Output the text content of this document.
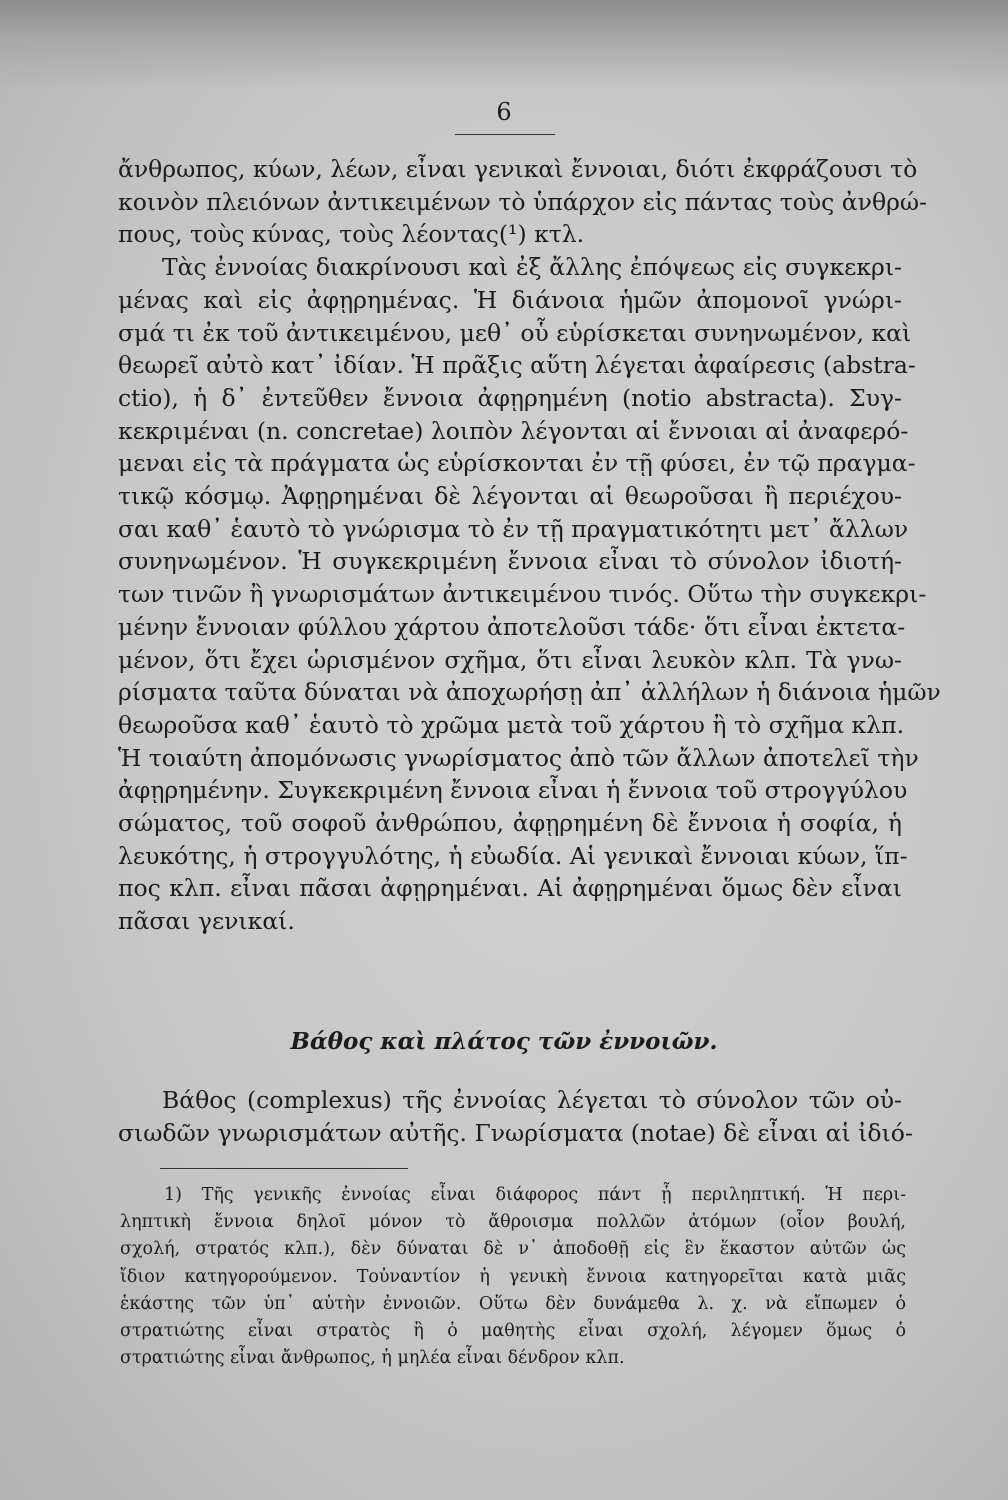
6

ἄνθρωπος, κύων, λέων, εἶναι γενικαὶ ἔννοιαι, διότι ἐκφράζουσι τὸ
κοινὸν πλειόνων ἀντικειμένων τὸ ὑπάρχον εἰς πάντας τοὺς ἀνθρώ-
πους, τοὺς κύνας, τοὺς λέοντας(¹) κτλ.
Τὰς ἐννοίας διακρίνουσι καὶ ἐξ ἄλλης ἐπόψεως εἰς συγκεκρι-
μένας καὶ εἰς ἀφῃρημένας. Ἡ διάνοια ἡμῶν ἀπομονοῖ γνώρι-
σμά τι ἐκ τοῦ ἀντικειμένου, μεθ᾽ οὗ εὑρίσκεται συνηνωμένον, καὶ
θεωρεῖ αὐτὸ κατ᾽ ἰδίαν. Ἡ πρᾶξις αὕτη λέγεται ἀφαίρεσις (abstra-
ctio), ἡ δ᾽ ἐντεῦθεν ἔννοια ἀφῃρημένη (notio abstracta). Συγ-
κεκριμέναι (n. concretae) λοιπὸν λέγονται αἱ ἔννοιαι αἱ ἀναφερό-
μεναι εἰς τὰ πράγματα ὡς εὑρίσκονται ἐν τῇ φύσει, ἐν τῷ πραγμα-
τικῷ κόσμῳ. Ἀφῃρημέναι δὲ λέγονται αἱ θεωροῦσαι ἢ περιέχου-
σαι καθ᾽ ἑαυτὸ τὸ γνώρισμα τὸ ἐν τῇ πραγματικότητι μετ᾽ ἄλλων
συνηνωμένον. Ἡ συγκεκριμένη ἔννοια εἶναι τὸ σύνολον ἰδιοτή-
των τινῶν ἢ γνωρισμάτων ἀντικειμένου τινός. Οὕτω τὴν συγκεκρι-
μένην ἔννοιαν φύλλου χάρτου ἀποτελοῦσι τάδε· ὅτι εἶναι ἐκτετα-
μένον, ὅτι ἔχει ὡρισμένον σχῆμα, ὅτι εἶναι λευκὸν κλπ. Τὰ γνω-
ρίσματα ταῦτα δύναται νὰ ἀποχωρήσῃ ἀπ᾽ ἀλλήλων ἡ διάνοια ἡμῶν
θεωροῦσα καθ᾽ ἑαυτὸ τὸ χρῶμα μετὰ τοῦ χάρτου ἢ τὸ σχῆμα κλπ.
Ἡ τοιαύτη ἀπομόνωσις γνωρίσματος ἀπὸ τῶν ἄλλων ἀποτελεῖ τὴν
ἀφῃρημένην. Συγκεκριμένη ἔννοια εἶναι ἡ ἔννοια τοῦ στρογγύλου
σώματος, τοῦ σοφοῦ ἀνθρώπου, ἀφῃρημένη δὲ ἔννοια ἡ σοφία, ἡ
λευκότης, ἡ στρογγυλότης, ἡ εὐωδία. Αἱ γενικαὶ ἔννοιαι κύων, ἵπ-
πος κλπ. εἶναι πᾶσαι ἀφῃρημέναι. Αἱ ἀφῃρημέναι ὅμως δὲν εἶναι
πᾶσαι γενικαί.

Βάθος καὶ πλάτος τῶν ἐννοιῶν.

Βάθος (complexus) τῆς ἐννοίας λέγεται τὸ σύνολον τῶν οὐ-
σιωδῶν γνωρισμάτων αὐτῆς. Γνωρίσματα (notae) δὲ εἶναι αἱ ἰδιό-

1) Τῆς γενικῆς ἐννοίας εἶναι διάφορος πάντ ᾗ περιληπτική. Ἡ περι-
ληπτικὴ ἔννοια δηλοῖ μόνον τὸ ἄθροισμα πολλῶν ἀτόμων (οἷον βουλή,
σχολή, στρατός κλπ.), δὲν δύναται δὲ ν᾽ ἀποδοθῇ εἰς ἓν ἕκαστον αὐτῶν ὡς
ἴδιον κατηγορούμενον. Τοὐναντίον ἡ γενικὴ ἔννοια κατηγορεῖται κατὰ μιᾶς
ἑκάστης τῶν ὑπ᾽ αὐτὴν ἐννοιῶν. Οὕτω δὲν δυνάμεθα λ. χ. νὰ εἴπωμεν ὁ
στρατιώτης εἶναι στρατὸς ἢ ὁ μαθητὴς εἶναι σχολή, λέγομεν ὅμως ὁ
στρατιώτης εἶναι ἄνθρωπος, ἡ μηλέα εἶναι δένδρον κλπ.
